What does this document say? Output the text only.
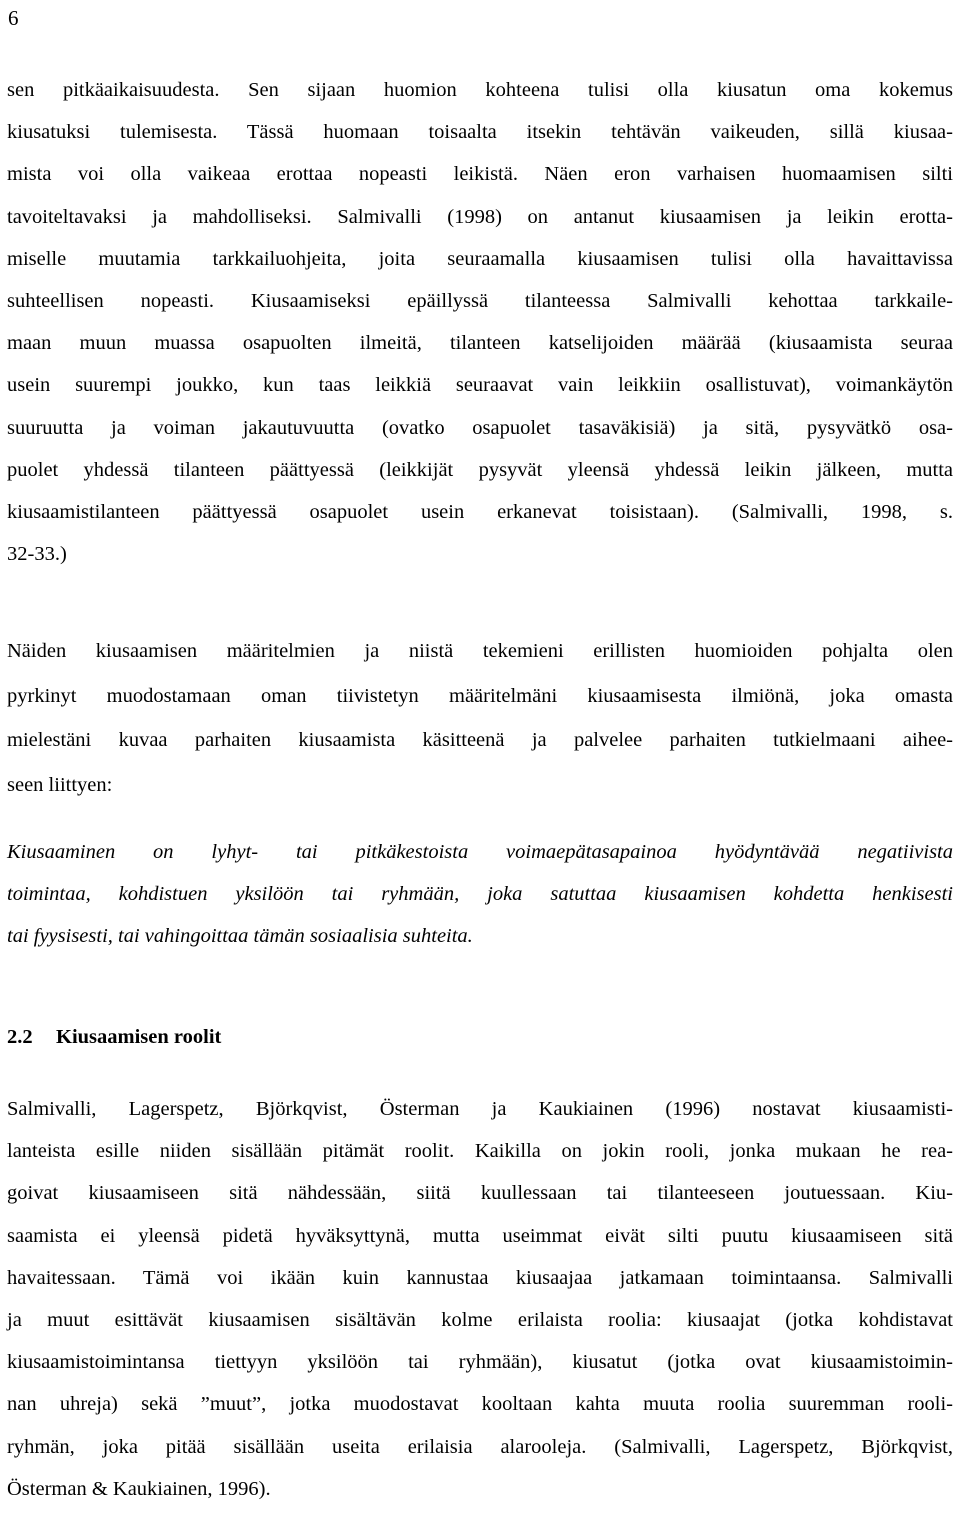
6
sen pitkäaikaisuudesta. Sen sijaan huomion kohteena tulisi olla kiusatun oma kokemus
kiusatuksi tulemisesta. Tässä huomaan toisaalta itsekin tehtävän vaikeuden, sillä kiusaa-
mista voi olla vaikeaa erottaa nopeasti leikistä. Näen eron varhaisen huomaamisen silti
tavoiteltavaksi ja mahdolliseksi. Salmivalli (1998) on antanut kiusaamisen ja leikin erotta-
miselle muutamia tarkkailuohjeita, joita seuraamalla kiusaamisen tulisi olla havaittavissa
suhteellisen nopeasti. Kiusaamiseksi epäillyssä tilanteessa Salmivalli kehottaa tarkkaile-
maan muun muassa osapuolten ilmeitä, tilanteen katselijoiden määrää (kiusaamista seuraa
usein suurempi joukko, kun taas leikkiä seuraavat vain leikkiin osallistuvat), voimankäytön
suuruutta ja voiman jakautuvuutta (ovatko osapuolet tasaväkisiä) ja sitä, pysyvätkö osa-
puolet yhdessä tilanteen päättyessä (leikkijät pysyvät yleensä yhdessä leikin jälkeen, mutta
kiusaamistilanteen päättyessä osapuolet usein erkanevat toisistaan). (Salmivalli, 1998, s.
32-33.)
Näiden kiusaamisen määritelmien ja niistä tekemieni erillisten huomioiden pohjalta olen
pyrkinyt muodostamaan oman tiivistetyn määritelmäni kiusaamisesta ilmiönä, joka omasta
mielestäni kuvaa parhaiten kiusaamista käsitteenä ja palvelee parhaiten tutkielmaani aihee-
seen liittyen:
Kiusaaminen on lyhyt- tai pitkäkestoista voimaepätasapainoa hyödyntävää negatiivista
toimintaa, kohdistuen yksilöön tai ryhmään, joka satuttaa kiusaamisen kohdetta henkisesti
tai fyysisesti, tai vahingoittaa tämän sosiaalisia suhteita.
2.2 Kiusaamisen roolit
Salmivalli, Lagerspetz, Björkqvist, Österman ja Kaukiainen (1996) nostavat kiusaamisti-
lanteista esille niiden sisällään pitämät roolit. Kaikilla on jokin rooli, jonka mukaan he rea-
goivat kiusaamiseen sitä nähdessään, siitä kuullessaan tai tilanteeseen joutuessaan. Kiu-
saamista ei yleensä pidetä hyväksyttynä, mutta useimmat eivät silti puutu kiusaamiseen sitä
havaitessaan. Tämä voi ikään kuin kannustaa kiusaajaa jatkamaan toimintaansa. Salmivalli
ja muut esittävät kiusaamisen sisältävän kolme erilaista roolia: kiusaajat (jotka kohdistavat
kiusaamistoimintansa tiettyyn yksilöön tai ryhmään), kiusatut (jotka ovat kiusaamistoimin-
nan uhreja) sekä ”muut”, jotka muodostavat kooltaan kahta muuta roolia suuremman rooli-
ryhmän, joka pitää sisällään useita erilaisia alarooleja. (Salmivalli, Lagerspetz, Björkqvist,
Österman & Kaukiainen, 1996).
